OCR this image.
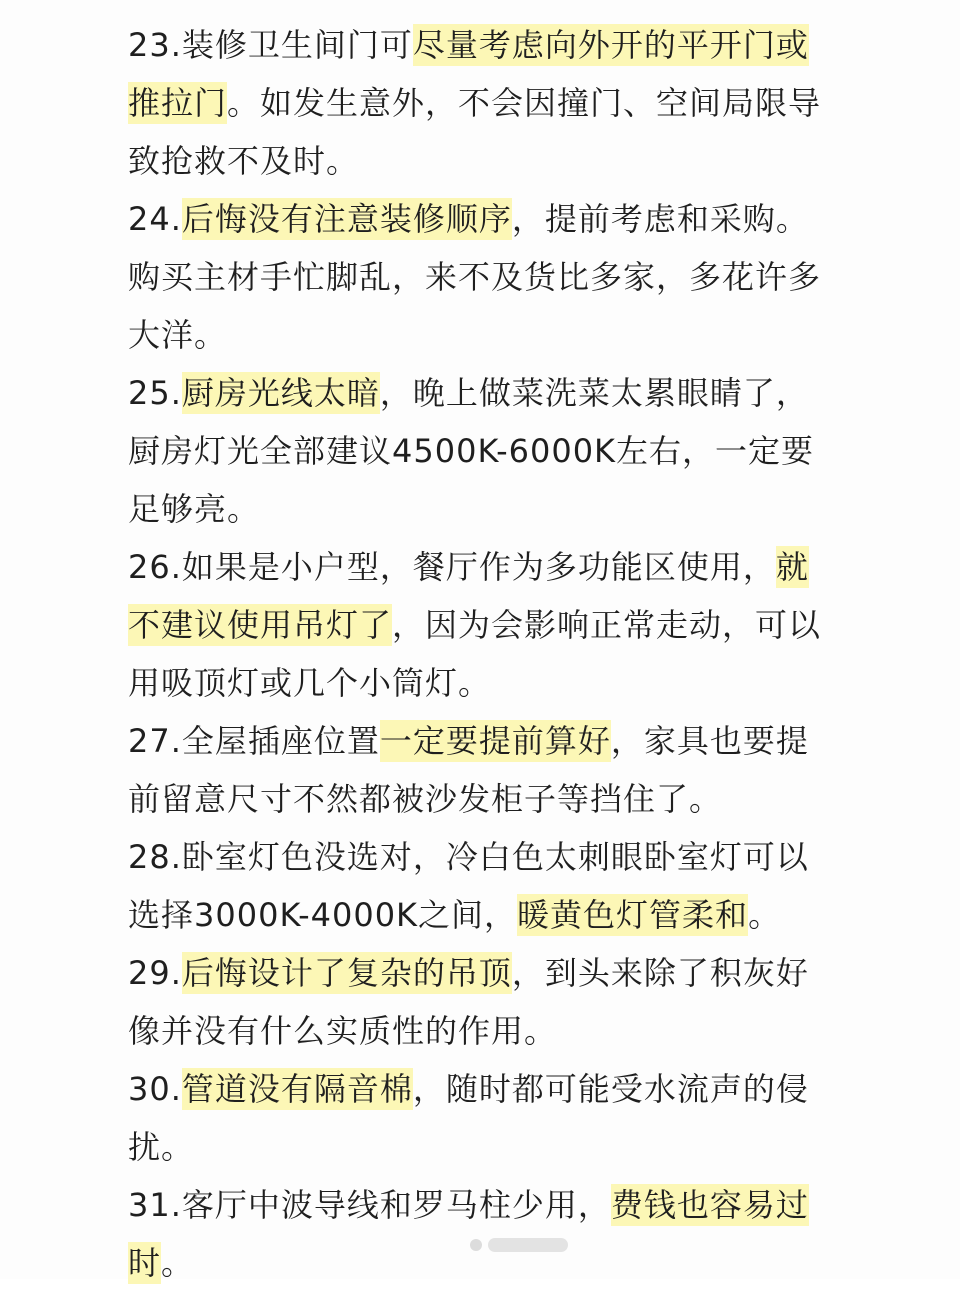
23.装修卫生间门可尽量考虑向外开的平开门或推拉门。如发生意外，不会因撞门、空间局限导致抢救不及时。
24.后悔没有注意装修顺序，提前考虑和采购。购买主材手忙脚乱，来不及货比多家，多花许多大洋。
25.厨房光线太暗，晚上做菜洗菜太累眼睛了，厨房灯光全部建议4500K-6000K左右，一定要足够亮。
26.如果是小户型，餐厅作为多功能区使用，就不建议使用吊灯了，因为会影响正常走动，可以用吸顶灯或几个小筒灯。
27.全屋插座位置一定要提前算好，家具也要提前留意尺寸不然都被沙发柜子等挡住了。
28.卧室灯色没选对，冷白色太刺眼卧室灯可以选择3000K-4000K之间，暖黄色灯管柔和。
29.后悔设计了复杂的吊顶，到头来除了积灰好像并没有什么实质性的作用。
30.管道没有隔音棉，随时都可能受水流声的侵扰。
31.客厅中波导线和罗马柱少用，费钱也容易过时。
